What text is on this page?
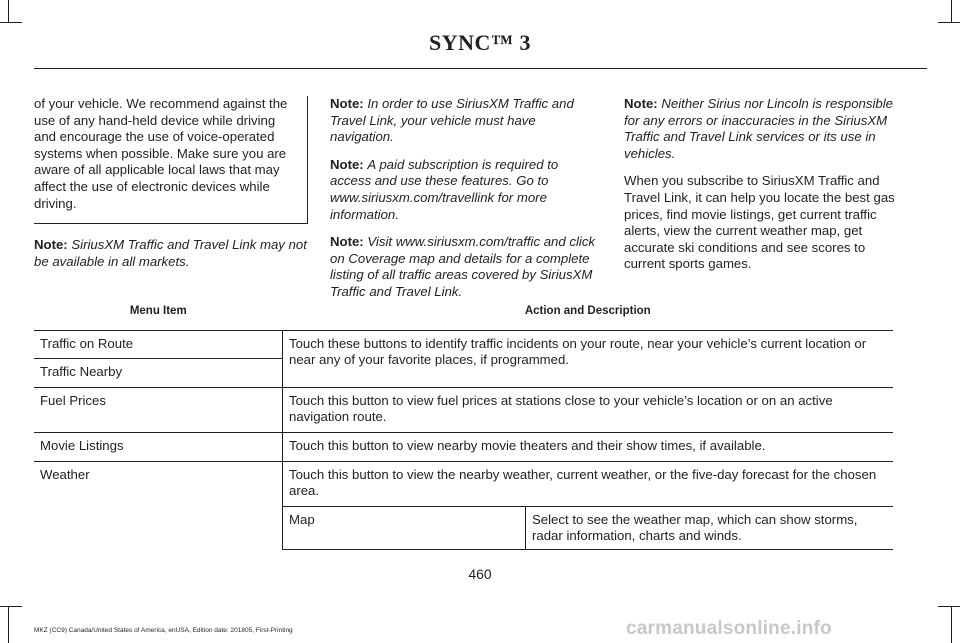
SYNC™ 3

of your vehicle. We recommend against the use of any hand-held device while driving and encourage the use of voice-operated systems when possible. Make sure you are aware of all applicable local laws that may affect the use of electronic devices while driving.

Note: SiriusXM Traffic and Travel Link may not be available in all markets.

Note: In order to use SiriusXM Traffic and Travel Link, your vehicle must have navigation.

Note: A paid subscription is required to access and use these features. Go to www.siriusxm.com/travellink for more information.

Note: Visit www.siriusxm.com/traffic and click on Coverage map and details for a complete listing of all traffic areas covered by SiriusXM Traffic and Travel Link.

Note: Neither Sirius nor Lincoln is responsible for any errors or inaccuracies in the SiriusXM Traffic and Travel Link services or its use in vehicles.

When you subscribe to SiriusXM Traffic and Travel Link, it can help you locate the best gas prices, find movie listings, get current traffic alerts, view the current weather map, get accurate ski conditions and see scores to current sports games.

Menu Item	Action and Description
Traffic on Route	Touch these buttons to identify traffic incidents on your route, near your vehicle’s current location or near any of your favorite places, if programmed.
Traffic Nearby
Fuel Prices	Touch this button to view fuel prices at stations close to your vehicle’s location or on an active navigation route.
Movie Listings	Touch this button to view nearby movie theaters and their show times, if available.
Weather	Touch this button to view the nearby weather, current weather, or the five-day forecast for the chosen area.
Map	Select to see the weather map, which can show storms, radar information, charts and winds.
460
MKZ (CC9) Canada/United States of America, enUSA, Edition date: 201805, First-Printing	carmanualsonline.info
